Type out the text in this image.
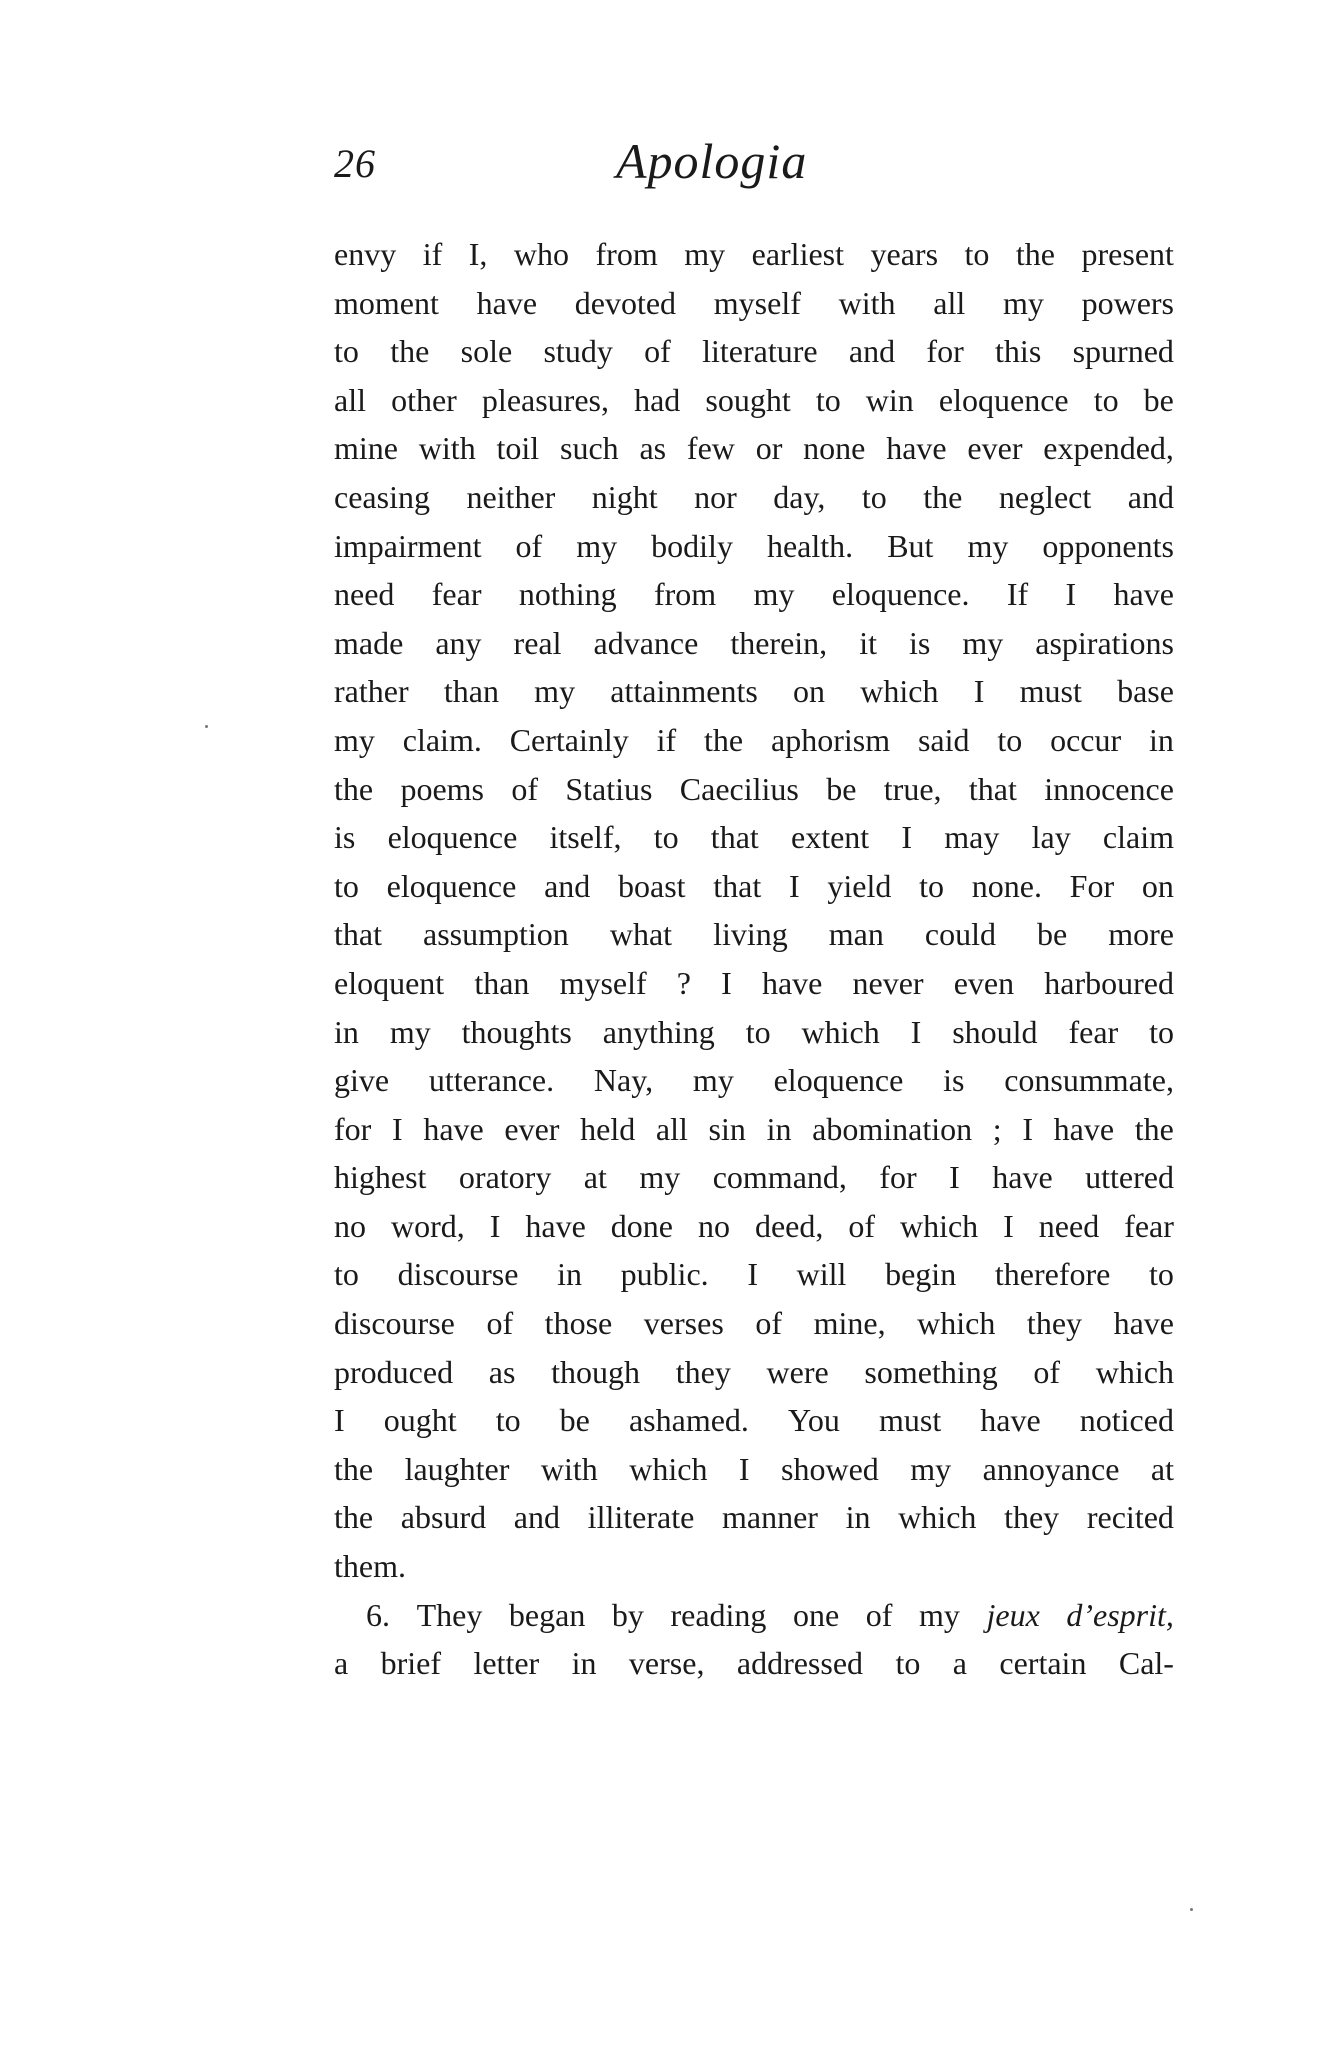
26	Apologia
envy if I, who from my earliest years to the present
moment have devoted myself with all my powers
to the sole study of literature and for this spurned
all other pleasures, had sought to win eloquence to be
mine with toil such as few or none have ever expended,
ceasing neither night nor day, to the neglect and
impairment of my bodily health. But my opponents
need fear nothing from my eloquence. If I have
made any real advance therein, it is my aspirations
rather than my attainments on which I must base
my claim. Certainly if the aphorism said to occur in
the poems of Statius Caecilius be true, that innocence
is eloquence itself, to that extent I may lay claim
to eloquence and boast that I yield to none. For on
that assumption what living man could be more
eloquent than myself ? I have never even harboured
in my thoughts anything to which I should fear to
give utterance. Nay, my eloquence is consummate,
for I have ever held all sin in abomination ; I have the
highest oratory at my command, for I have uttered
no word, I have done no deed, of which I need fear
to discourse in public. I will begin therefore to
discourse of those verses of mine, which they have
produced as though they were something of which
I ought to be ashamed. You must have noticed
the laughter with which I showed my annoyance at
the absurd and illiterate manner in which they recited
them.
6. They began by reading one of my jeux d’esprit,
a brief letter in verse, addressed to a certain Cal-
